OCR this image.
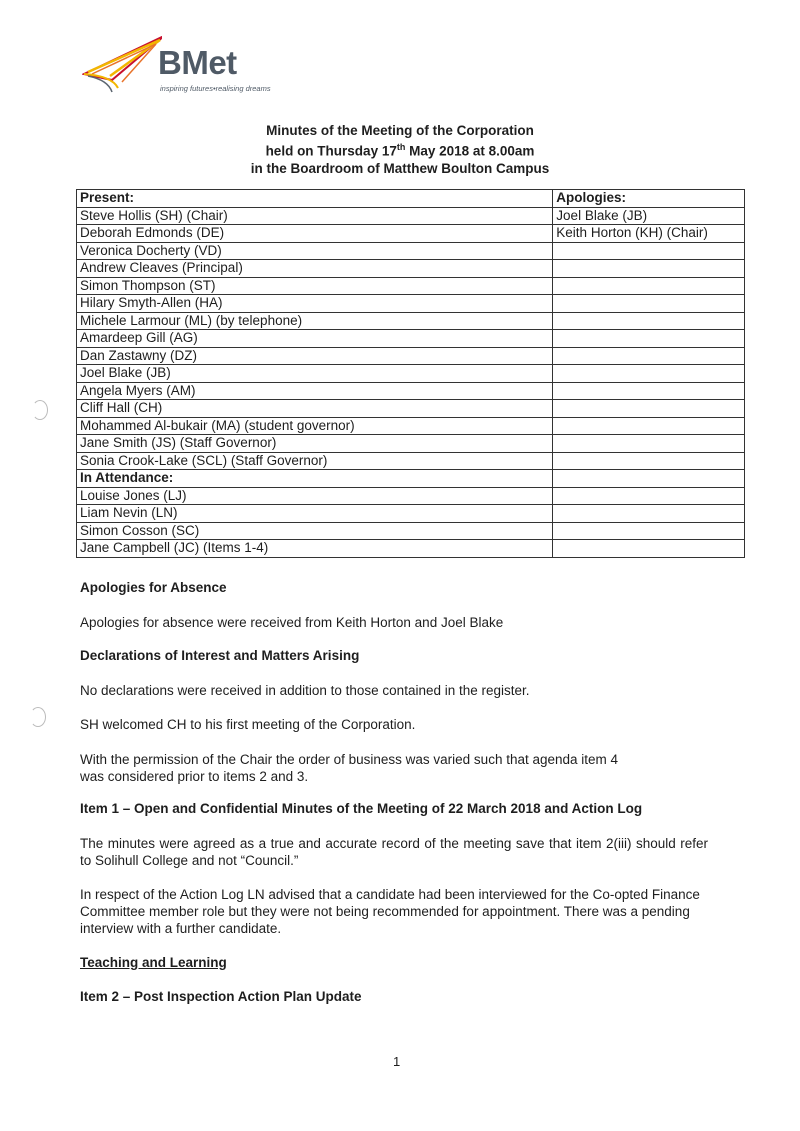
BMet
inspiring futures•realising dreams
Minutes of the Meeting of the Corporation
held on Thursday 17th May 2018 at 8.00am
in the Boardroom of Matthew Boulton Campus
Present:	Apologies:
Steve Hollis (SH) (Chair)	Joel Blake (JB)
Deborah Edmonds (DE)	Keith Horton (KH) (Chair)
Veronica Docherty (VD)	
Andrew Cleaves (Principal)	
Simon Thompson (ST)	
Hilary Smyth-Allen (HA)	
Michele Larmour (ML) (by telephone)	
Amardeep Gill (AG)	
Dan Zastawny (DZ)	
Joel Blake (JB)	
Angela Myers (AM)	
Cliff Hall (CH)	
Mohammed Al-bukair (MA) (student governor)	
Jane Smith (JS) (Staff Governor)	
Sonia Crook-Lake (SCL) (Staff Governor)	
In Attendance:	
Louise Jones (LJ)	
Liam Nevin (LN)	
Simon Cosson (SC)	
Jane Campbell (JC) (Items 1-4)	
Apologies for Absence
Apologies for absence were received from Keith Horton and Joel Blake
Declarations of Interest and Matters Arising
No declarations were received in addition to those contained in the register.
SH welcomed CH to his first meeting of the Corporation.
With the permission of the Chair the order of business was varied such that agenda item 4
was considered prior to items 2 and 3.
Item 1 – Open and Confidential Minutes of the Meeting of 22 March 2018 and Action Log
The minutes were agreed as a true and accurate record of the meeting save that item 2(iii) should refer to Solihull College and not “Council.”
In respect of the Action Log LN advised that a candidate had been interviewed for the Co-opted Finance Committee member role but they were not being recommended for appointment. There was a pending interview with a further candidate.
Teaching and Learning
Item 2 – Post Inspection Action Plan Update
1
